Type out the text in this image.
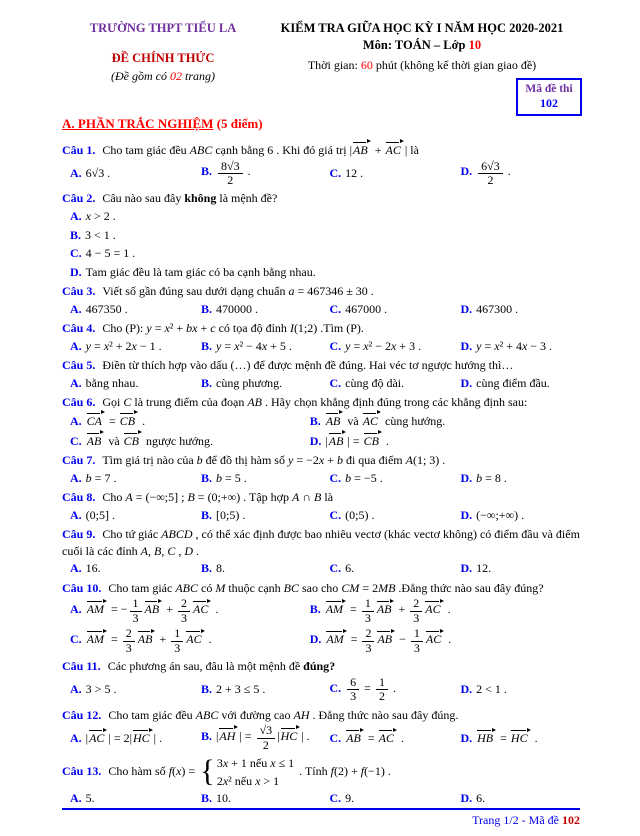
TRƯỜNG THPT TIỂU LA
ĐỀ CHÍNH THỨC
(Đề gồm có 02 trang)
KIỂM TRA GIỮA HỌC KỲ I NĂM HỌC 2020-2021
Môn: TOÁN – Lớp 10
Thời gian: 60 phút (không kể thời gian giao đề)
Mã đề thi
102
A. PHẦN TRẮC NGHIỆM (5 điểm)

Câu 1. Cho tam giác đều ABC cạnh bằng 6 . Khi đó giá trị |AB + AC | là

A. 6√3 .	B. $\frac{8√3}{2}$ .	C. 12 .	D. $\frac{6√3}{2}$ .

Câu 2. Câu nào sau đây không là mệnh đề?

A. x > 2 .
B. 3 < 1 .
C. 4 − 5 = 1 .
D. Tam giác đều là tam giác có ba cạnh bằng nhau.

Câu 3. Viết số gần đúng sau dưới dạng chuẩn a = 467346 ± 30 .

A. 467350 .	B. 470000 .	C. 467000 .	D. 467300 .

Câu 4. Cho (P): y = x² + bx + c có tọa độ đỉnh I(1;2) .Tìm (P).

A. y = x² + 2x − 1 .	B. y = x² − 4x + 5 .	C. y = x² − 2x + 3 .	D. y = x² + 4x − 3 .

Câu 5. Điền từ thích hợp vào dấu (…) để được mệnh đề đúng. Hai véc tơ ngược hướng thì…

A. bằng nhau.	B. cùng phương.	C. cùng độ dài.	D. cùng điểm đầu.

Câu 6. Gọi C là trung điểm của đoạn AB . Hãy chọn khẳng định đúng trong các khẳng định sau:

A. CA = CB .	B. AB và AC cùng hướng.
C. AB và CB ngược hướng.	D. |AB | = CB .

Câu 7. Tìm giá trị nào của b để đồ thị hàm số y = −2x + b đi qua điểm A(1; 3) .

A. b = 7 .	B. b = 5 .	C. b = −5 .	D. b = 8 .

Câu 8. Cho A = (−∞;5] ; B = (0;+∞) . Tập hợp A ∩ B là

A. (0;5] .	B. [0;5) .	C. (0;5) .	D. (−∞;+∞) .

Câu 9. Cho tứ giác ABCD , có thể xác định được bao nhiêu vectơ (khác vectơ không) có điểm đầu và điểm cuối là các đỉnh A, B, C , D .

A. 16.	B. 8.	C. 6.	D. 12.

Câu 10. Cho tam giác ABC có M thuộc cạnh BC sao cho CM = 2MB .Đẳng thức nào sau đây đúng?

A. AM = − $\frac{1}{3}$ AB + $\frac{2}{3}$ AC .	B. AM = $\frac{1}{3}$ AB + $\frac{2}{3}$ AC .
C. AM = $\frac{2}{3}$ AB + $\frac{1}{3}$ AC .	D. AM = $\frac{2}{3}$ AB − $\frac{1}{3}$ AC .

Câu 11. Các phương án sau, đâu là một mệnh đề đúng?

A. 3 > 5 .	B. 2 + 3 ≤ 5 .	C. $\frac{6}{3} = \frac{1}{2}$ .	D. 2 < 1 .

Câu 12. Cho tam giác đều ABC với đường cao AH . Đẳng thức nào sau đây đúng.

A. |AC | = 2|HC | .	B. |AH | = $\frac{√3}{2} |HC$ | .	C. AB = AC .	D. HB = HC .

Câu 13. Cho hàm số f(x) = { 3x + 1 nếu x ≤ 1
2x² nếu x > 1
. Tính f(2) + f(−1) .

A. 5.	B. 10.	C. 9.	D. 6.
Trang 1/2 - Mã đề 102
